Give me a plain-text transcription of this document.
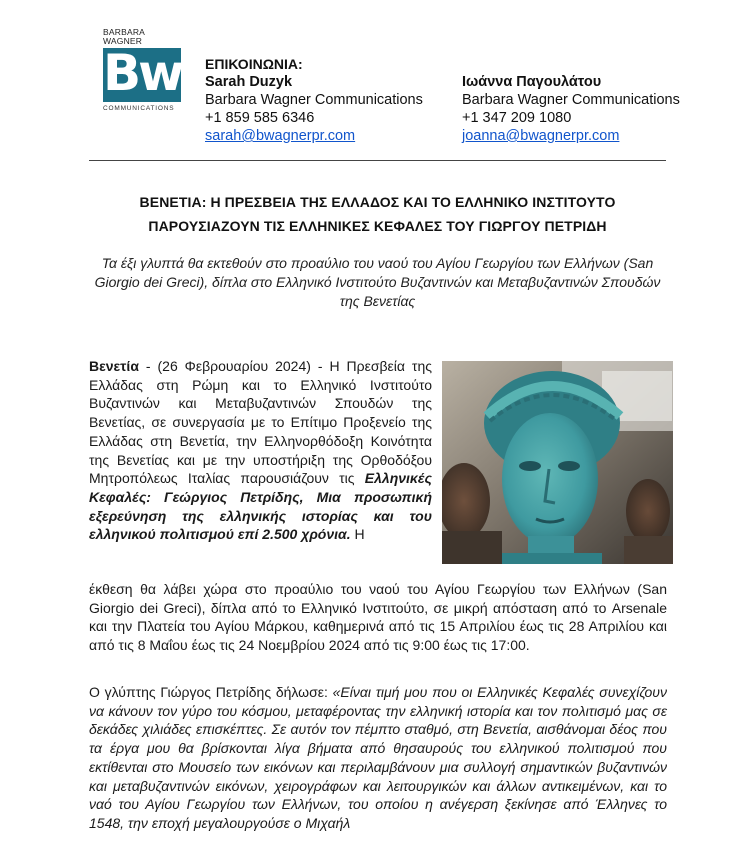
BARBARA WAGNER
Bw
COMMUNICATIONS
ΕΠΙΚΟΙΝΩΝΙΑ:
Sarah Duzyk
Barbara Wagner Communications
+1 859 585 6346
sarah@bwagnerpr.com
Ιωάννα Παγουλάτου
Barbara Wagner Communications
+1 347 209 1080
joanna@bwagnerpr.com
ΒΕΝΕΤΙΑ: Η ΠΡΕΣΒΕΙΑ ΤΗΣ ΕΛΛΑΔΟΣ ΚΑΙ ΤΟ ΕΛΛΗΝΙΚΟ ΙΝΣΤΙΤΟΥΤΟ
ΠΑΡΟΥΣΙΑΖΟΥΝ ΤΙΣ ΕΛΛΗΝΙΚΕΣ ΚΕΦΑΛΕΣ ΤΟΥ ΓΙΩΡΓΟΥ ΠΕΤΡΙΔΗ
Τα έξι γλυπτά θα εκτεθούν στο προαύλιο του ναού του Αγίου Γεωργίου των Ελλήνων (San Giorgio dei Greci), δίπλα στο Ελληνικό Ινστιτούτο Βυζαντινών και Μεταβυζαντινών Σπουδών της Βενετίας
Βενετία - (26 Φεβρουαρίου 2024) - Η Πρεσβεία της Ελλάδας στη Ρώμη και το Ελληνικό Ινστιτούτο Βυζαντινών και Μεταβυζαντινών Σπουδών της Βενετίας, σε συνεργασία με το Επίτιμο Προξενείο της Ελλάδας στη Βενετία, την Ελληνορθόδοξη Κοινότητα της Βενετίας και με την υποστήριξη της Ορθοδόξου Μητροπόλεως Ιταλίας παρουσιάζουν τις Ελληνικές Κεφαλές: Γεώργιος Πετρίδης, Μια προσωπική εξερεύνηση της ελληνικής ιστορίας και του ελληνικού πολιτισμού επί 2.500 χρόνια. Η
έκθεση θα λάβει χώρα στο προαύλιο του ναού του Αγίου Γεωργίου των Ελλήνων (San Giorgio dei Greci), δίπλα από το Ελληνικό Ινστιτούτο, σε μικρή απόσταση από το Arsenale και την Πλατεία του Αγίου Μάρκου, καθημερινά από τις 15 Απριλίου έως τις 28 Απριλίου και από τις 8 Μαΐου έως τις 24 Νοεμβρίου 2024 από τις 9:00 έως τις 17:00.
Ο γλύπτης Γιώργος Πετρίδης δήλωσε: «Είναι τιμή μου που οι Ελληνικές Κεφαλές συνεχίζουν να κάνουν τον γύρο του κόσμου, μεταφέροντας την ελληνική ιστορία και τον πολιτισμό μας σε δεκάδες χιλιάδες επισκέπτες. Σε αυτόν τον πέμπτο σταθμό, στη Βενετία, αισθάνομαι δέος που τα έργα μου θα βρίσκονται λίγα βήματα από θησαυρούς του ελληνικού πολιτισμού που εκτίθενται στο Μουσείο των εικόνων και περιλαμβάνουν μια συλλογή σημαντικών βυζαντινών και μεταβυζαντινών εικόνων, χειρογράφων και λειτουργικών και άλλων αντικειμένων, και το ναό του Αγίου Γεωργίου των Ελλήνων, του οποίου η ανέγερση ξεκίνησε από Έλληνες το 1548, την εποχή μεγαλουργούσε ο Μιχαήλ
